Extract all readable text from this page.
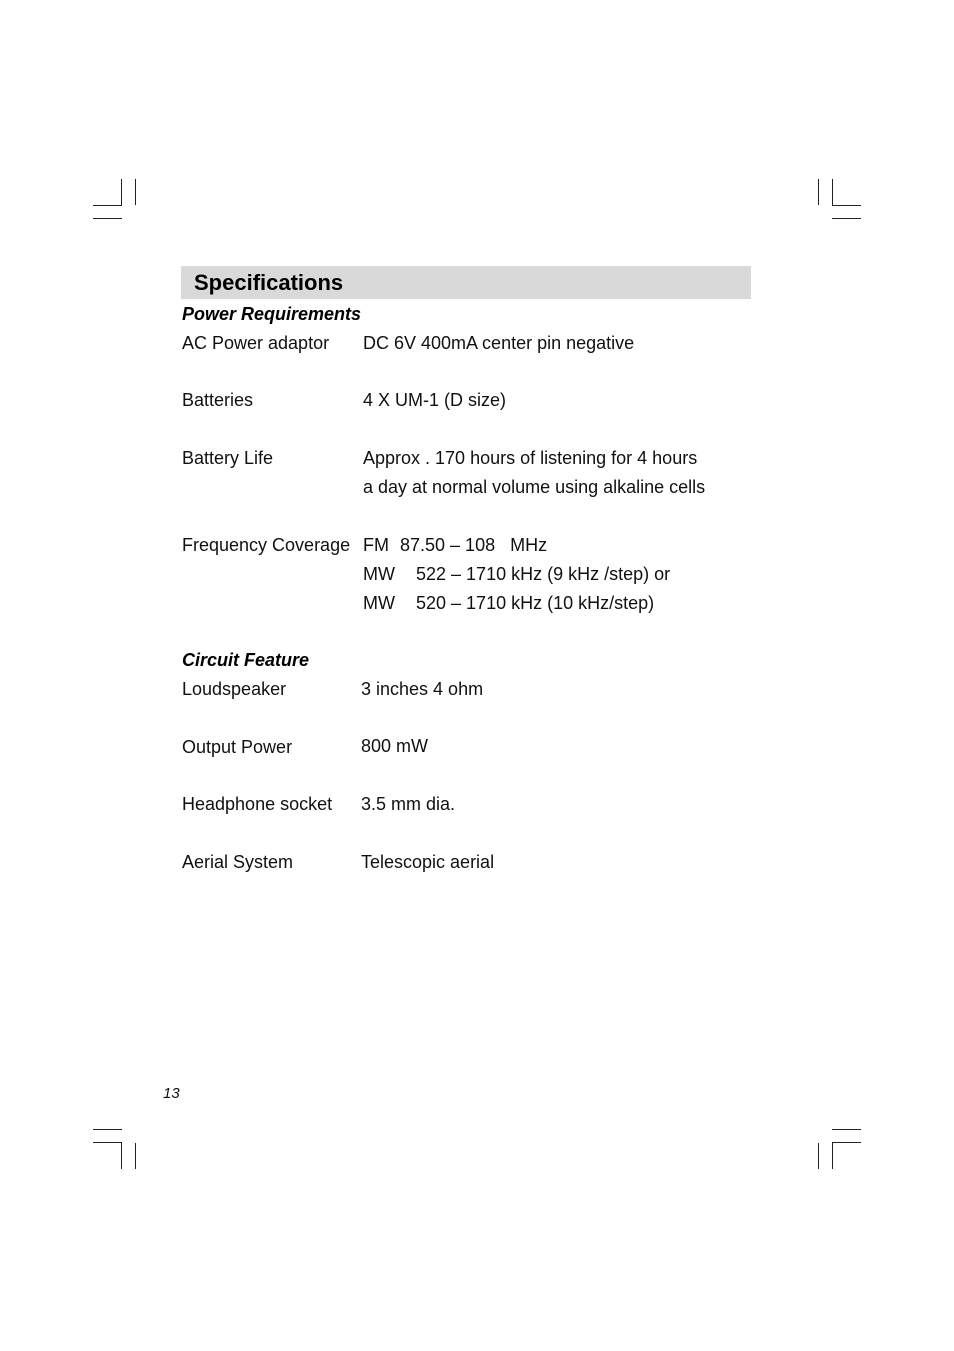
Specifications
Power Requirements
AC Power adaptor DC 6V 400mA center pin negative
Batteries	4 X UM-1 (D size)
Battery Life	Approx . 170 hours of listening for 4 hours
a day at normal volume using alkaline cells
Frequency Coverage FM 87.50 – 108   MHz
MW 522 – 1710 kHz (9 kHz /step) or
MW 520 – 1710 kHz (10 kHz/step)
Circuit Feature
Loudspeaker	3 inches 4 ohm
Output Power	800 mW
Headphone socket 3.5 mm dia.
Aerial System	Telescopic aerial
13
